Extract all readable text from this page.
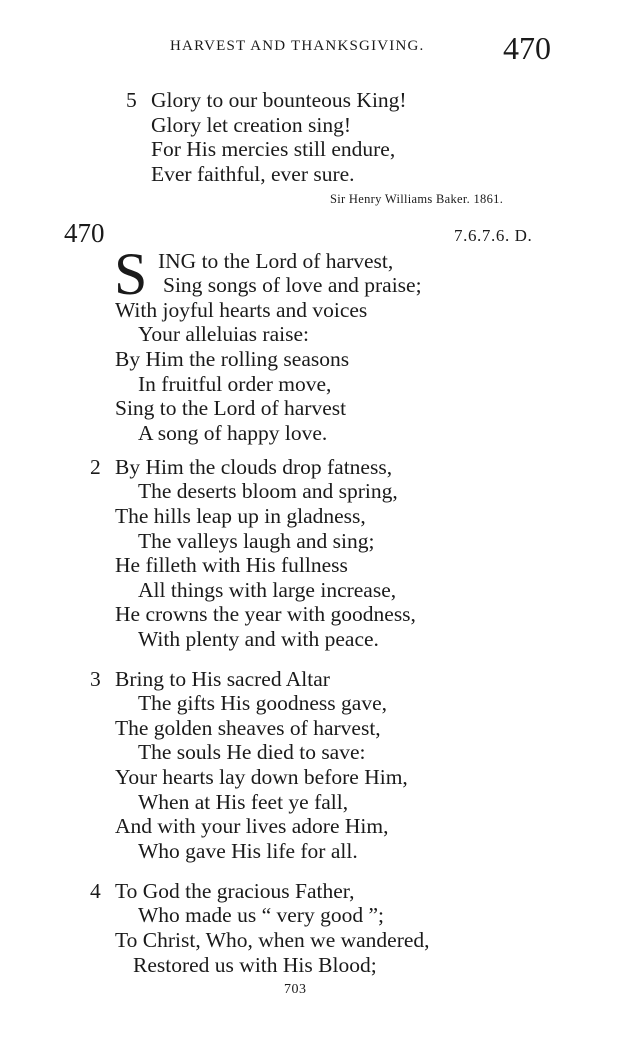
HARVEST AND THANKSGIVING. 470
5 Glory to our bounteous King!
Glory let creation sing!
For His mercies still endure,
Ever faithful, ever sure.
Sir Henry Williams Baker. 1861.
470	7.6.7.6. D.
S ING to the Lord of harvest,
Sing songs of love and praise;
With joyful hearts and voices
Your alleluias raise:
By Him the rolling seasons
In fruitful order move,
Sing to the Lord of harvest
A song of happy love.
2 By Him the clouds drop fatness,
The deserts bloom and spring,
The hills leap up in gladness,
The valleys laugh and sing;
He filleth with His fullness
All things with large increase,
He crowns the year with goodness,
With plenty and with peace.
3 Bring to His sacred Altar
The gifts His goodness gave,
The golden sheaves of harvest,
The souls He died to save:
Your hearts lay down before Him,
When at His feet ye fall,
And with your lives adore Him,
Who gave His life for all.
4 To God the gracious Father,
Who made us “ very good ”;
To Christ, Who, when we wandered,
Restored us with His Blood;
703
